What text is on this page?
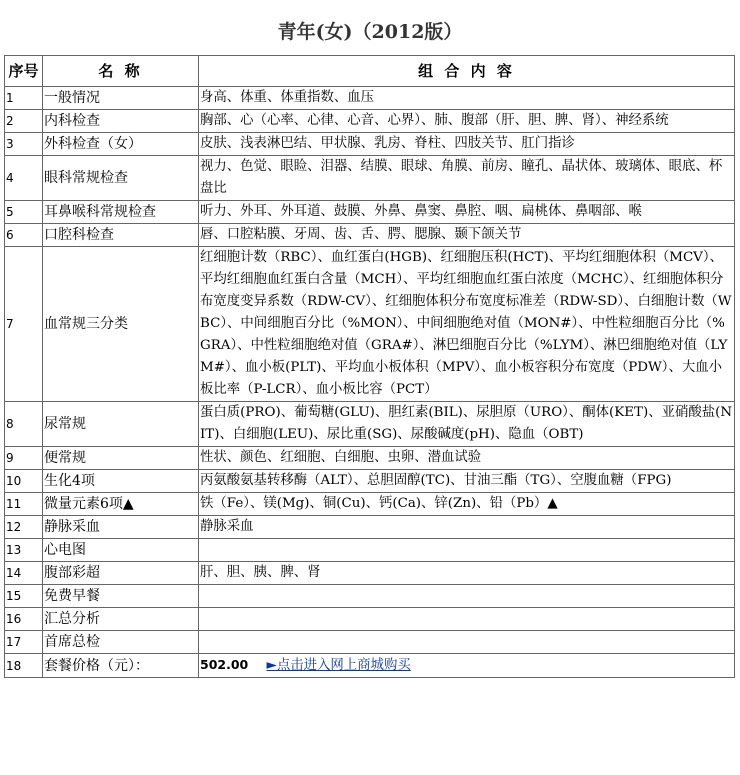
青年(女)（2012版）
序号	名 称	组 合 内 容
1	一般情况	身高、体重、体重指数、血压
2	内科检查	胸部、心（心率、心律、心音、心界）、肺、腹部（肝、胆、脾、肾）、神经系统
3	外科检查（女）	皮肤、浅表淋巴结、甲状腺、乳房、脊柱、四肢关节、肛门指诊
4	眼科常规检查	视力、色觉、眼睑、泪器、结膜、眼球、角膜、前房、瞳孔、晶状体、玻璃体、眼底、杯盘比
5	耳鼻喉科常规检查	听力、外耳、外耳道、鼓膜、外鼻、鼻窦、鼻腔、咽、扁桃体、鼻咽部、喉
6	口腔科检查	唇、口腔粘膜、牙周、齿、舌、腭、腮腺、颞下颌关节
7	血常规三分类	红细胞计数（RBC）、血红蛋白(HGB)、红细胞压积(HCT)、平均红细胞体积（MCV）、平均红细胞血红蛋白含量（MCH）、平均红细胞血红蛋白浓度（MCHC）、红细胞体积分布宽度变异系数（RDW-CV）、红细胞体积分布宽度标准差（RDW-SD）、白细胞计数（WBC）、中间细胞百分比（%MON）、中间细胞绝对值（MON#）、中性粒细胞百分比（%GRA）、中性粒细胞绝对值（GRA#）、淋巴细胞百分比（%LYM）、淋巴细胞绝对值（LYM#）、血小板(PLT)、平均血小板体积（MPV）、血小板容积分布宽度（PDW）、大血小板比率（P-LCR）、血小板比容（PCT）
8	尿常规	蛋白质(PRO)、葡萄糖(GLU)、胆红素(BIL)、尿胆原（URO）、酮体(KET)、亚硝酸盐(NIT)、白细胞(LEU)、尿比重(SG)、尿酸碱度(pH)、隐血（OBT)
9	便常规	性状、颜色、红细胞、白细胞、虫卵、潜血试验
10	生化4项	丙氨酸氨基转移酶（ALT）、总胆固醇(TC)、甘油三酯（TG）、空腹血糖（FPG)
11	微量元素6项▲	铁（Fe）、镁(Mg)、铜(Cu)、钙(Ca)、锌(Zn)、铅（Pb）▲
12	静脉采血	静脉采血
13	心电图	
14	腹部彩超	肝、胆、胰、脾、肾
15	免费早餐	
16	汇总分析	
17	首席总检	
18	套餐价格（元）：	502.00 ►点击进入网上商城购买
